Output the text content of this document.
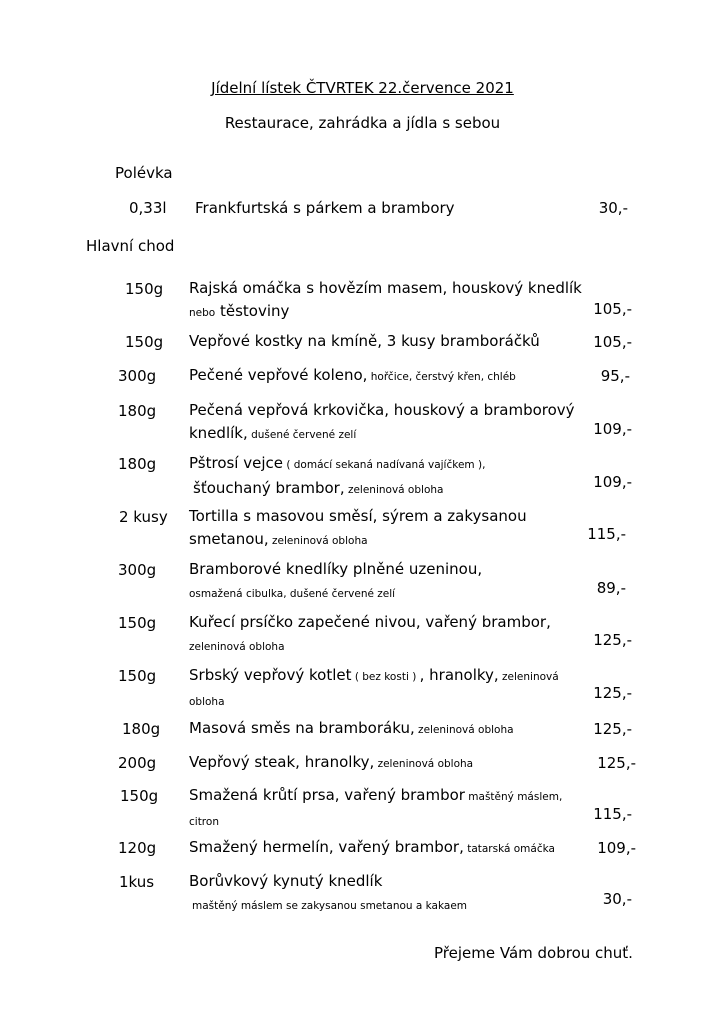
Jídelní lístek ČTVRTEK 22.července 2021
Restaurace, zahrádka a jídla s sebou
Polévka
0,33l Frankfurtská s párkem a brambory	30,-
Hlavní chod
150g Rajská omáčka s hovězím masem, houskový knedlík
nebo těstoviny	105,-
150g Vepřové kostky na kmíně, 3 kusy bramboráčků	105,-
300g Pečené vepřové koleno, hořčice, čerstvý křen, chléb	95,-
180g Pečená vepřová krkovička, houskový a bramborový
knedlík, dušené červené zelí	109,-
180g Pštrosí vejce ( domácí sekaná nadívaná vajíčkem ),
šťouchaný brambor, zeleninová obloha	109,-
2 kusy Tortilla s masovou směsí, sýrem a zakysanou
smetanou, zeleninová obloha	115,-
300g Bramborové knedlíky plněné uzeninou,
osmažená cibulka, dušené červené zelí	89,-
150g Kuřecí prsíčko zapečené nivou, vařený brambor,
zeleninová obloha	125,-
150g Srbský vepřový kotlet ( bez kosti ) , hranolky, zeleninová
obloha	125,-
180g Masová směs na bramboráku, zeleninová obloha	125,-
200g Vepřový steak, hranolky, zeleninová obloha	125,-
150g Smažená krůtí prsa, vařený brambor maštěný máslem,
citron	115,-
120g Smažený hermelín, vařený brambor, tatarská omáčka	109,-
1kus Borůvkový kynutý knedlík
maštěný máslem se zakysanou smetanou a kakaem	30,-
Přejeme Vám dobrou chuť.
